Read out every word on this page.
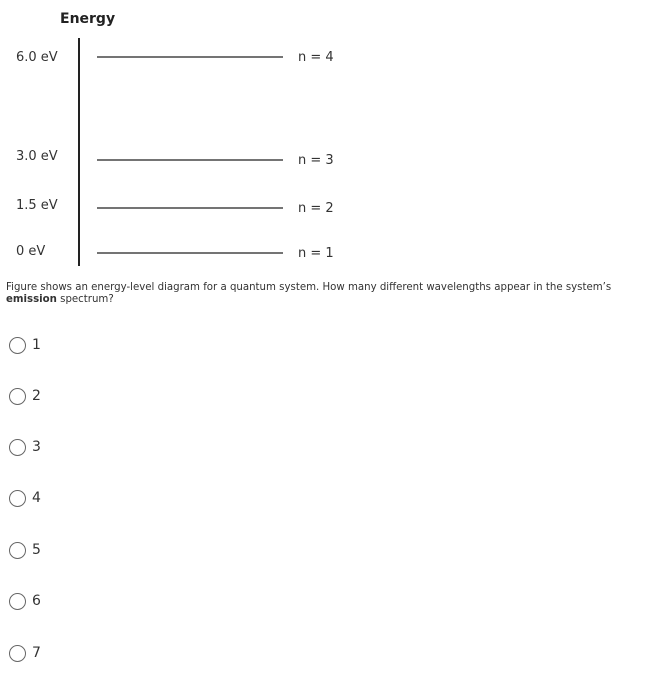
Energy
6.0 eV	n = 4
3.0 eV	n = 3
1.5 eV	n = 2
0 eV	n = 1
Figure shows an energy-level diagram for a quantum system. How many different wavelengths appear in the system’s emission spectrum?
1
2
3
4
5
6
7
